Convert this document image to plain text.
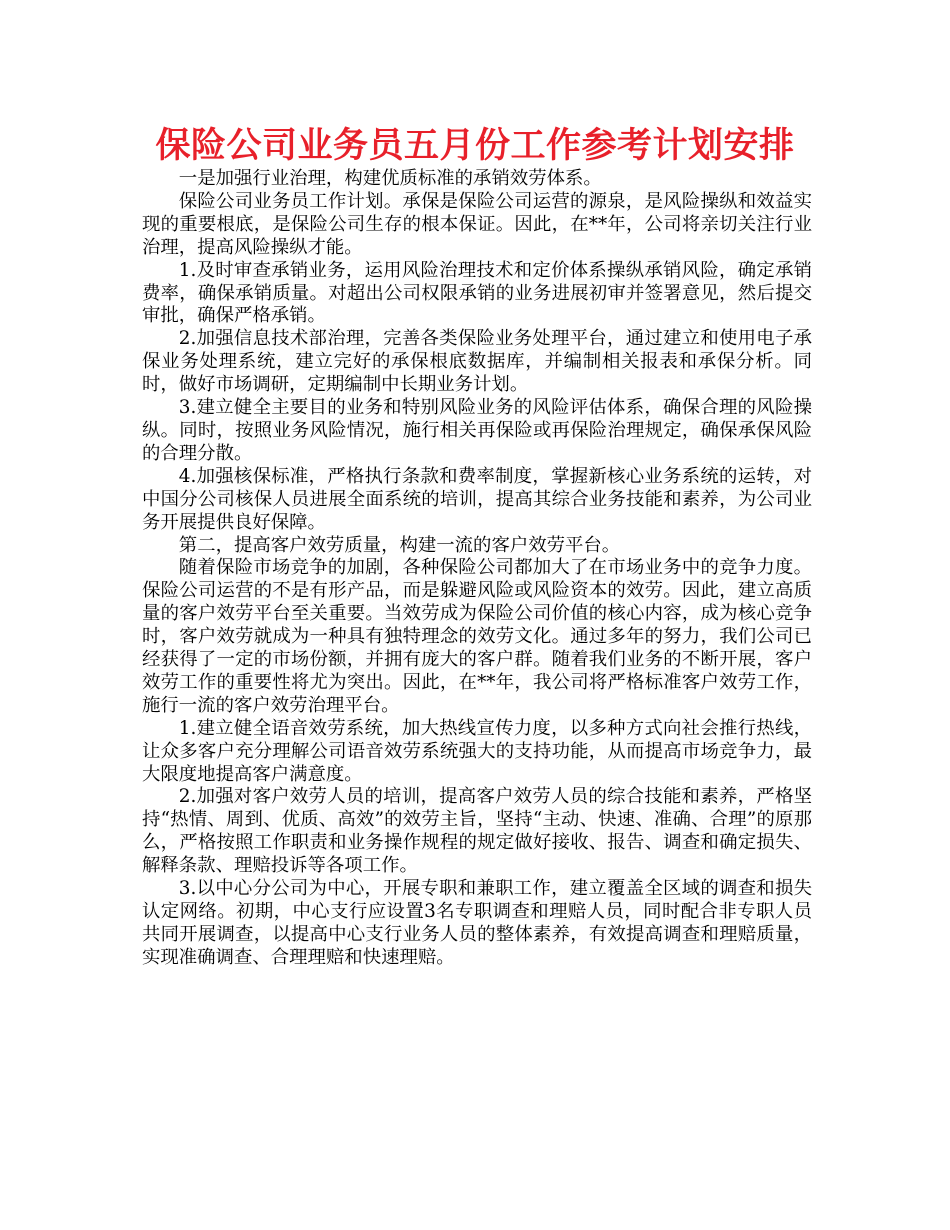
保险公司业务员五月份工作参考计划安排

一是加强行业治理，构建优质标准的承销效劳体系。

保险公司业务员工作计划。承保是保险公司运营的源泉，是风险操纵和效益实现的重要根底，是保险公司生存的根本保证。因此，在**年，公司将亲切关注行业治理，提高风险操纵才能。

1.及时审查承销业务，运用风险治理技术和定价体系操纵承销风险，确定承销费率，确保承销质量。对超出公司权限承销的业务进展初审并签署意见，然后提交审批，确保严格承销。

2.加强信息技术部治理，完善各类保险业务处理平台，通过建立和使用电子承保业务处理系统，建立完好的承保根底数据库，并编制相关报表和承保分析。同时，做好市场调研，定期编制中长期业务计划。

3.建立健全主要目的业务和特别风险业务的风险评估体系，确保合理的风险操纵。同时，按照业务风险情况，施行相关再保险或再保险治理规定，确保承保风险的合理分散。

4.加强核保标准，严格执行条款和费率制度，掌握新核心业务系统的运转，对中国分公司核保人员进展全面系统的培训，提高其综合业务技能和素养，为公司业务开展提供良好保障。

第二，提高客户效劳质量，构建一流的客户效劳平台。

随着保险市场竞争的加剧，各种保险公司都加大了在市场业务中的竞争力度。保险公司运营的不是有形产品，而是躲避风险或风险资本的效劳。因此，建立高质量的客户效劳平台至关重要。当效劳成为保险公司价值的核心内容，成为核心竞争时，客户效劳就成为一种具有独特理念的效劳文化。通过多年的努力，我们公司已经获得了一定的市场份额，并拥有庞大的客户群。随着我们业务的不断开展，客户效劳工作的重要性将尤为突出。因此，在**年，我公司将严格标准客户效劳工作，施行一流的客户效劳治理平台。

1.建立健全语音效劳系统，加大热线宣传力度，以多种方式向社会推行热线，让众多客户充分理解公司语音效劳系统强大的支持功能，从而提高市场竞争力，最大限度地提高客户满意度。

2.加强对客户效劳人员的培训，提高客户效劳人员的综合技能和素养，严格坚持“热情、周到、优质、高效”的效劳主旨，坚持“主动、快速、准确、合理”的原那么，严格按照工作职责和业务操作规程的规定做好接收、报告、调查和确定损失、解释条款、理赔投诉等各项工作。

3.以中心分公司为中心，开展专职和兼职工作，建立覆盖全区域的调查和损失认定网络。初期，中心支行应设置3名专职调查和理赔人员，同时配合非专职人员共同开展调查，以提高中心支行业务人员的整体素养，有效提高调查和理赔质量，实现准确调查、合理理赔和快速理赔。
